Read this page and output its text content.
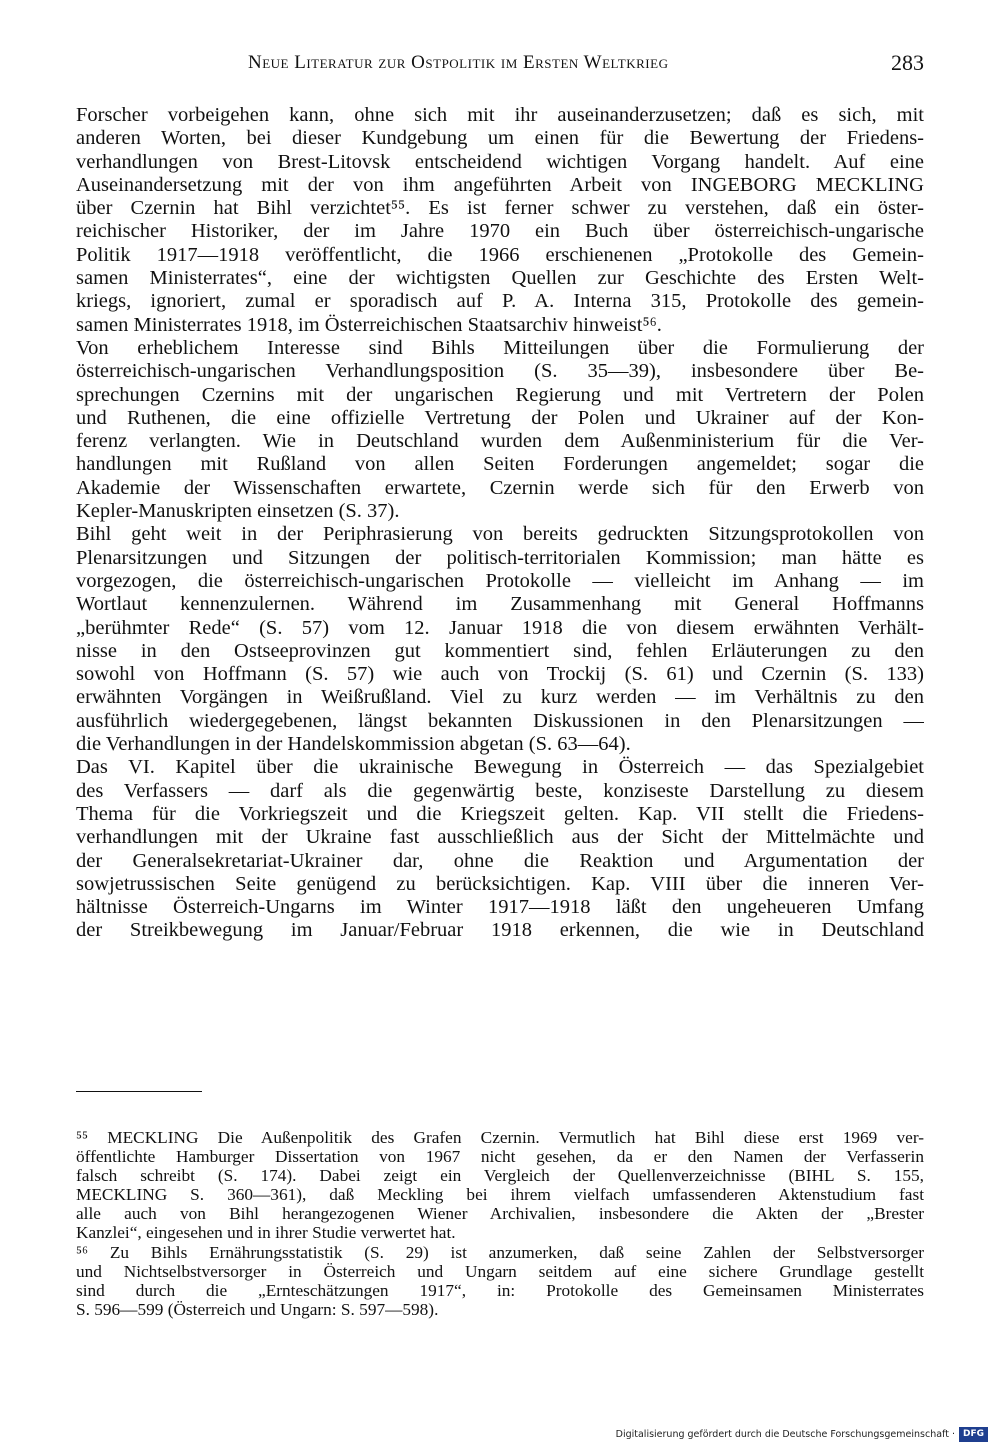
Neue Literatur zur Ostpolitik im Ersten Weltkrieg	283
Forscher vorbeigehen kann, ohne sich mit ihr auseinanderzusetzen; daß es sich, mit
anderen Worten, bei dieser Kundgebung um einen für die Bewertung der Friedens-
verhandlungen von Brest-Litovsk entscheidend wichtigen Vorgang handelt. Auf eine
Auseinandersetzung mit der von ihm angeführten Arbeit von INGEBORG MECKLING
über Czernin hat Bihl verzichtet⁵⁵. Es ist ferner schwer zu verstehen, daß ein öster-
reichischer Historiker, der im Jahre 1970 ein Buch über österreichisch-ungarische
Politik 1917—1918 veröffentlicht, die 1966 erschienenen „Protokolle des Gemein-
samen Ministerrates“, eine der wichtigsten Quellen zur Geschichte des Ersten Welt-
kriegs, ignoriert, zumal er sporadisch auf P. A. Interna 315, Protokolle des gemein-
samen Ministerrates 1918, im Österreichischen Staatsarchiv hinweist⁵⁶.
Von erheblichem Interesse sind Bihls Mitteilungen über die Formulierung der
österreichisch-ungarischen Verhandlungsposition (S. 35—39), insbesondere über Be-
sprechungen Czernins mit der ungarischen Regierung und mit Vertretern der Polen
und Ruthenen, die eine offizielle Vertretung der Polen und Ukrainer auf der Kon-
ferenz verlangten. Wie in Deutschland wurden dem Außenministerium für die Ver-
handlungen mit Rußland von allen Seiten Forderungen angemeldet; sogar die
Akademie der Wissenschaften erwartete, Czernin werde sich für den Erwerb von
Kepler-Manuskripten einsetzen (S. 37).
Bihl geht weit in der Periphrasierung von bereits gedruckten Sitzungsprotokollen von
Plenarsitzungen und Sitzungen der politisch-territorialen Kommission; man hätte es
vorgezogen, die österreichisch-ungarischen Protokolle — vielleicht im Anhang — im
Wortlaut kennenzulernen. Während im Zusammenhang mit General Hoffmanns
„berühmter Rede“ (S. 57) vom 12. Januar 1918 die von diesem erwähnten Verhält-
nisse in den Ostseeprovinzen gut kommentiert sind, fehlen Erläuterungen zu den
sowohl von Hoffmann (S. 57) wie auch von Trockij (S. 61) und Czernin (S. 133)
erwähnten Vorgängen in Weißrußland. Viel zu kurz werden — im Verhältnis zu den
ausführlich wiedergegebenen, längst bekannten Diskussionen in den Plenarsitzungen —
die Verhandlungen in der Handelskommission abgetan (S. 63—64).
Das VI. Kapitel über die ukrainische Bewegung in Österreich — das Spezialgebiet
des Verfassers — darf als die gegenwärtig beste, konziseste Darstellung zu diesem
Thema für die Vorkriegszeit und die Kriegszeit gelten. Kap. VII stellt die Friedens-
verhandlungen mit der Ukraine fast ausschließlich aus der Sicht der Mittelmächte und
der Generalsekretariat-Ukrainer dar, ohne die Reaktion und Argumentation der
sowjetrussischen Seite genügend zu berücksichtigen. Kap. VIII über die inneren Ver-
hältnisse Österreich-Ungarns im Winter 1917—1918 läßt den ungeheueren Umfang
der Streikbewegung im Januar/Februar 1918 erkennen, die wie in Deutschland
⁵⁵ MECKLING Die Außenpolitik des Grafen Czernin. Vermutlich hat Bihl diese erst 1969 ver-
öffentlichte Hamburger Dissertation von 1967 nicht gesehen, da er den Namen der Verfasserin
falsch schreibt (S. 174). Dabei zeigt ein Vergleich der Quellenverzeichnisse (BIHL S. 155,
MECKLING S. 360—361), daß Meckling bei ihrem vielfach umfassenderen Aktenstudium fast
alle auch von Bihl herangezogenen Wiener Archivalien, insbesondere die Akten der „Brester
Kanzlei“, eingesehen und in ihrer Studie verwertet hat.
⁵⁶ Zu Bihls Ernährungsstatistik (S. 29) ist anzumerken, daß seine Zahlen der Selbstversorger
und Nichtselbstversorger in Österreich und Ungarn seitdem auf eine sichere Grundlage gestellt
sind durch die „Ernteschätzungen 1917“, in: Protokolle des Gemeinsamen Ministerrates
S. 596—599 (Österreich und Ungarn: S. 597—598).
Digitalisierung gefördert durch die Deutsche Forschungsgemeinschaft · DFG
